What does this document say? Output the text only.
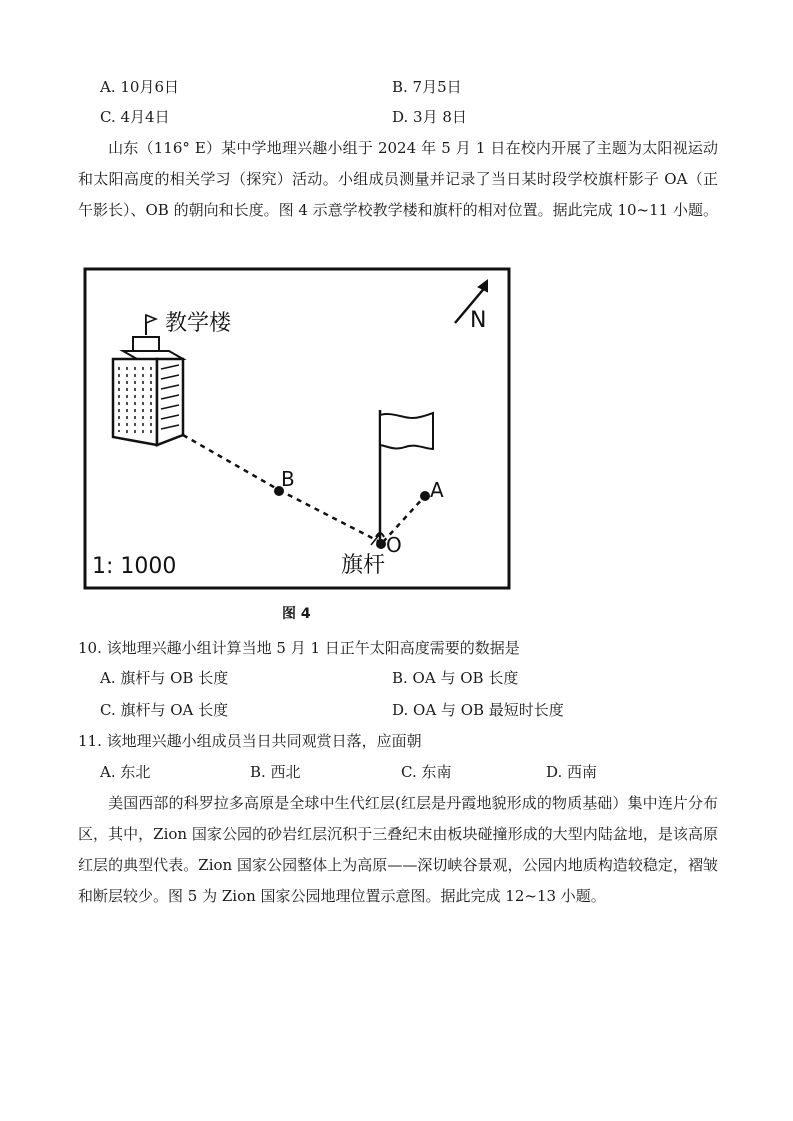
A. 10月6日	B. 7月5日
C. 4月4日	D. 3月 8日
山东（116° E）某中学地理兴趣小组于 2024 年 5 月 1 日在校内开展了主题为太阳视运动和太阳高度的相关学习（探究）活动。小组成员测量并记录了当日某时段学校旗杆影子 OA（正午影长）、OB 的朝向和长度。图 4 示意学校教学楼和旗杆的相对位置。据此完成 10~11 小题。
教学楼	N
B	A
O
旗杆
1: 1000
图 4
10. 该地理兴趣小组计算当地 5 月 1 日正午太阳高度需要的数据是
A. 旗杆与 OB 长度	B. OA 与 OB 长度
C. 旗杆与 OA 长度	D. OA 与 OB 最短时长度
11. 该地理兴趣小组成员当日共同观赏日落，应面朝
A. 东北	B. 西北	C. 东南	D. 西南
美国西部的科罗拉多高原是全球中生代红层(红层是丹霞地貌形成的物质基础）集中连片分布区，其中，Zion 国家公园的砂岩红层沉积于三叠纪末由板块碰撞形成的大型内陆盆地，是该高原红层的典型代表。Zion 国家公园整体上为高原——深切峡谷景观，公园内地质构造较稳定，褶皱和断层较少。图 5 为 Zion 国家公园地理位置示意图。据此完成 12~13 小题。
